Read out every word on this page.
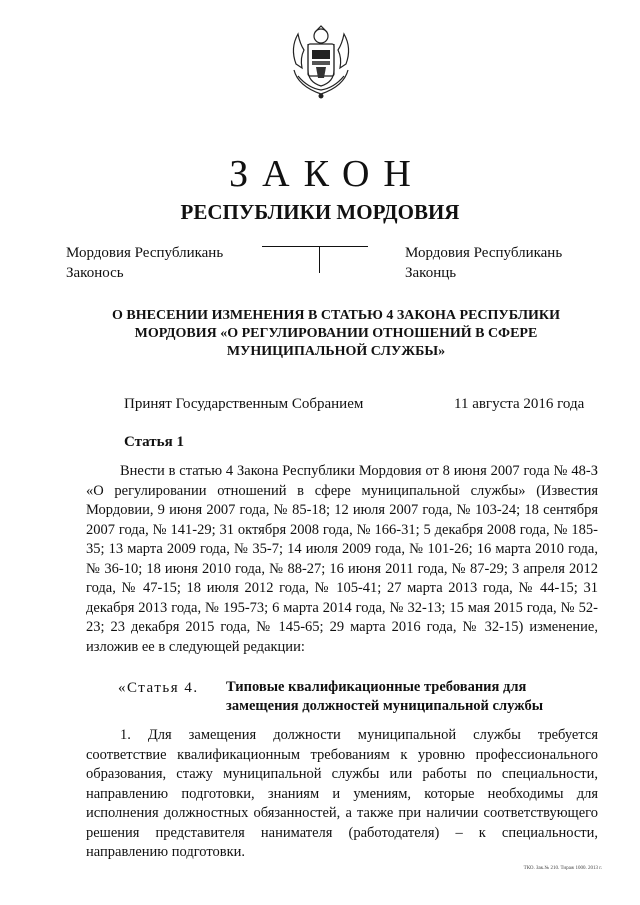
ЗАКОН
РЕСПУБЛИКИ МОРДОВИЯ
Мордовия Республикань
Законось
Мордовия Республикань
Законць
О ВНЕСЕНИИ ИЗМЕНЕНИЯ В СТАТЬЮ 4 ЗАКОНА РЕСПУБЛИКИ МОРДОВИЯ «О РЕГУЛИРОВАНИИ ОТНОШЕНИЙ В СФЕРЕ МУНИЦИПАЛЬНОЙ СЛУЖБЫ»
Принят Государственным Собранием	11 августа 2016 года
Статья 1
Внести в статью 4 Закона Республики Мордовия от 8 июня 2007 года № 48-З «О регулировании отношений в сфере муниципальной службы» (Известия Мордовии, 9 июня 2007 года, № 85-18; 12 июля 2007 года, № 103-24; 18 сентября 2007 года, № 141-29; 31 октября 2008 года, № 166-31; 5 декабря 2008 года, № 185-35; 13 марта 2009 года, № 35-7; 14 июля 2009 года, № 101-26; 16 марта 2010 года, № 36-10; 18 июня 2010 года, № 88-27; 16 июня 2011 года, № 87-29; 3 апреля 2012 года, № 47-15; 18 июля 2012 года, № 105-41; 27 марта 2013 года, № 44-15; 31 декабря 2013 года, № 195-73; 6 марта 2014 года, № 32-13; 15 мая 2015 года, № 52-23; 23 декабря 2015 года, № 145-65; 29 марта 2016 года, № 32-15) изменение, изложив ее в следующей редакции:
«Статья 4. Типовые квалификационные требования для замещения должностей муниципальной службы
1. Для замещения должности муниципальной службы требуется соответствие квалификационным требованиям к уровню профессионального образования, стажу муниципальной службы или работы по специальности, направлению подготовки, знаниям и умениям, которые необходимы для исполнения должностных обязанностей, а также при наличии соответствующего решения представителя нанимателя (работодателя) – к специальности, направлению подготовки.
ТКО. Зак.№ 210. Тираж 1000. 2013 г.
